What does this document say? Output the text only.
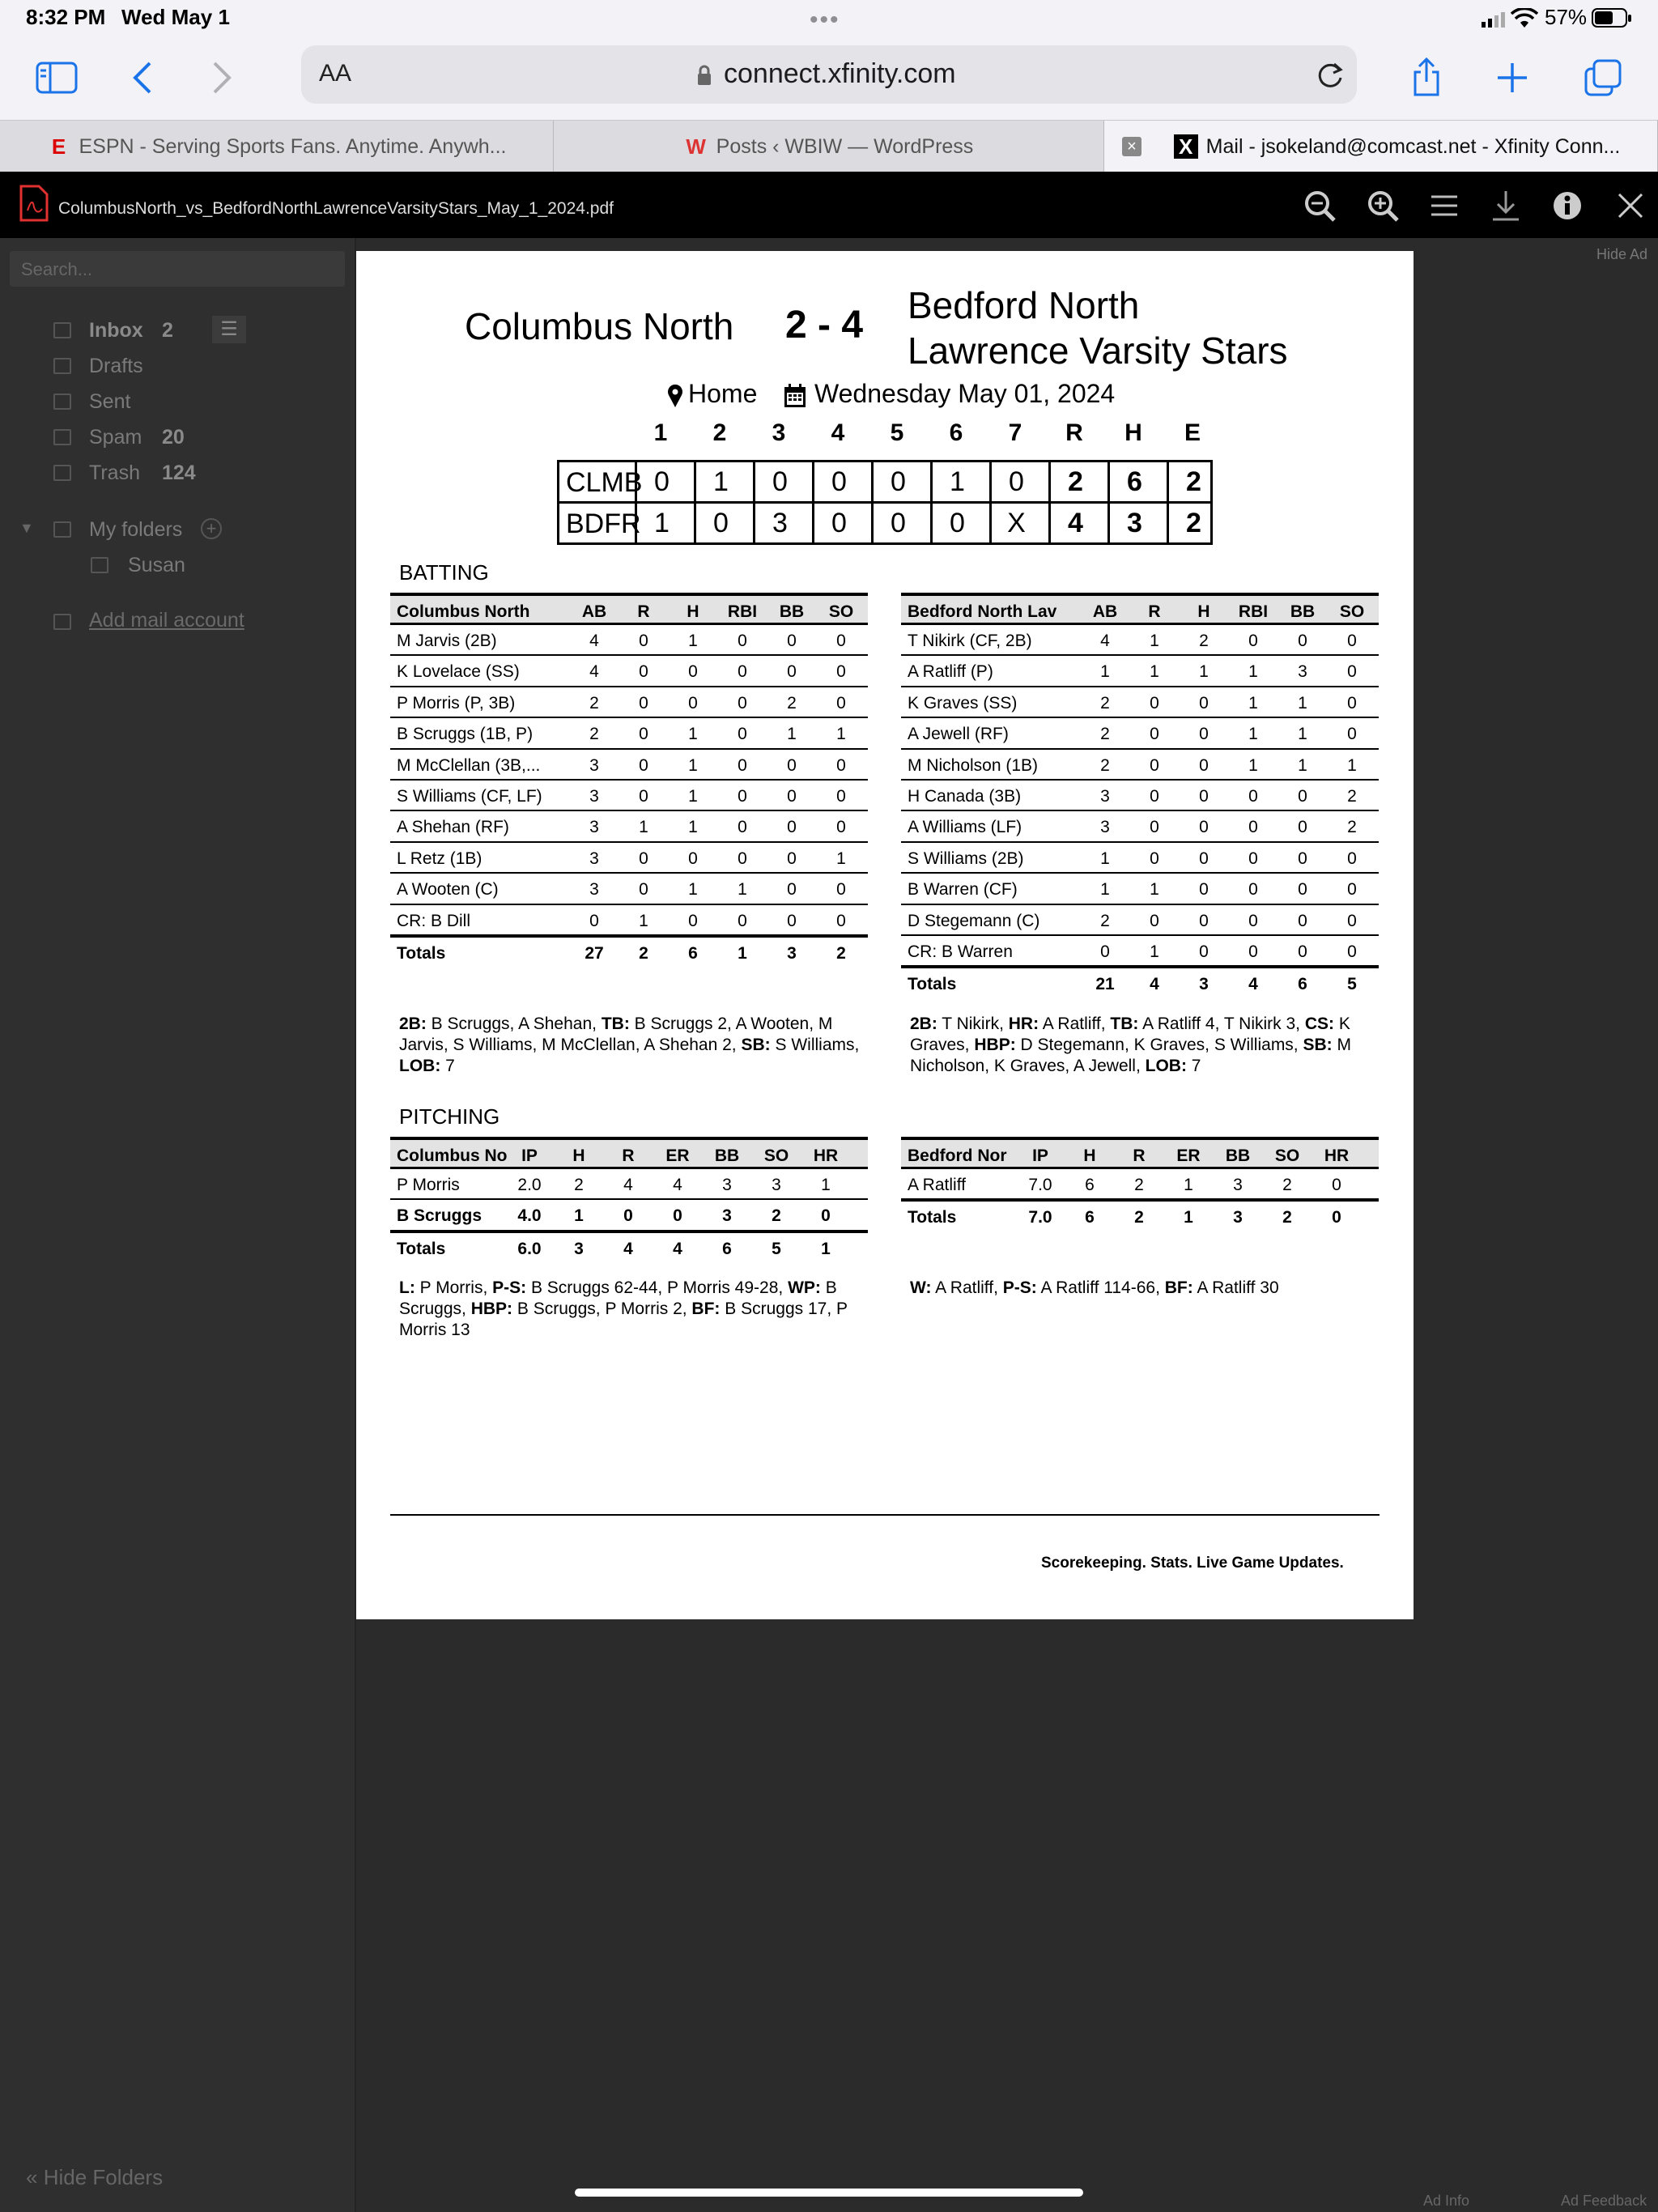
8:32 PM Wed May 1	•••	57%
AA	connect.xfinity.com
E ESPN - Serving Sports Fans. Anytime. Anywh...	W Posts ‹ WBIW — WordPress	× X Mail - jsokeland@comcast.net - Xfinity Conn...
ColumbusNorth_vs_BedfordNorthLawrenceVarsityStars_May_1_2024.pdf
Search...
Inbox 2	☰
Drafts
Sent
Spam 20
Trash 124
▼	My folders +
Susan
Add mail account
« Hide Folders
Hide Ad
Ad Info	Ad Feedback
Columbus North 2 - 4 Bedford North
Lawrence Varsity Stars
Home Wednesday May 01, 2024
1	2	3	4	5	6	7	R	H	E
CLMB 0	1	0	0	0	1	0	2	6	2
BDFR 1	0	3	0	0	0	X	4	3	2
BATTING
Columbus North	AB	R	H	RBI	BB	SO
M Jarvis (2B)	4	0	1	0	0	0
K Lovelace (SS)	4	0	0	0	0	0
P Morris (P, 3B)	2	0	0	0	2	0
B Scruggs (1B, P)	2	0	1	0	1	1
M McClellan (3B,...	3	0	1	0	0	0
S Williams (CF, LF)	3	0	1	0	0	0
A Shehan (RF)	3	1	1	0	0	0
L Retz (1B)	3	0	0	0	0	1
A Wooten (C)	3	0	1	1	0	0
CR: B Dill	0	1	0	0	0	0
Totals	27	2	6	1	3	2
Bedford North Lav	AB	R	H	RBI	BB	SO
T Nikirk (CF, 2B)	4	1	2	0	0	0
A Ratliff (P)	1	1	1	1	3	0
K Graves (SS)	2	0	0	1	1	0
A Jewell (RF)	2	0	0	1	1	0
M Nicholson (1B)	2	0	0	1	1	1
H Canada (3B)	3	0	0	0	0	2
A Williams (LF)	3	0	0	0	0	2
S Williams (2B)	1	0	0	0	0	0
B Warren (CF)	1	1	0	0	0	0
D Stegemann (C)	2	0	0	0	0	0
CR: B Warren	0	1	0	0	0	0
Totals	21	4	3	4	6	5
2B: B Scruggs, A Shehan, TB: B Scruggs 2, A Wooten, M Jarvis, S Williams, M McClellan, A Shehan 2, SB: S Williams, LOB: 7
2B: T Nikirk, HR: A Ratliff, TB: A Ratliff 4, T Nikirk 3, CS: K Graves, HBP: D Stegemann, K Graves, S Williams, SB: M Nicholson, K Graves, A Jewell, LOB: 7
PITCHING
Columbus No IP	H	R	ER	BB	SO	HR
P Morris	2.0	2	4	4	3	3	1
B Scruggs	4.0	1	0	0	3	2	0
Totals	6.0	3	4	4	6	5	1
Bedford Nor	IP	H	R	ER	BB	SO	HR
A Ratliff	7.0	6	2	1	3	2	0
Totals	7.0	6	2	1	3	2	0
L: P Morris, P-S: B Scruggs 62-44, P Morris 49-28, WP: B Scruggs, HBP: B Scruggs, P Morris 2, BF: B Scruggs 17, P Morris 13
W: A Ratliff, P-S: A Ratliff 114-66, BF: A Ratliff 30
Scorekeeping. Stats. Live Game Updates.
